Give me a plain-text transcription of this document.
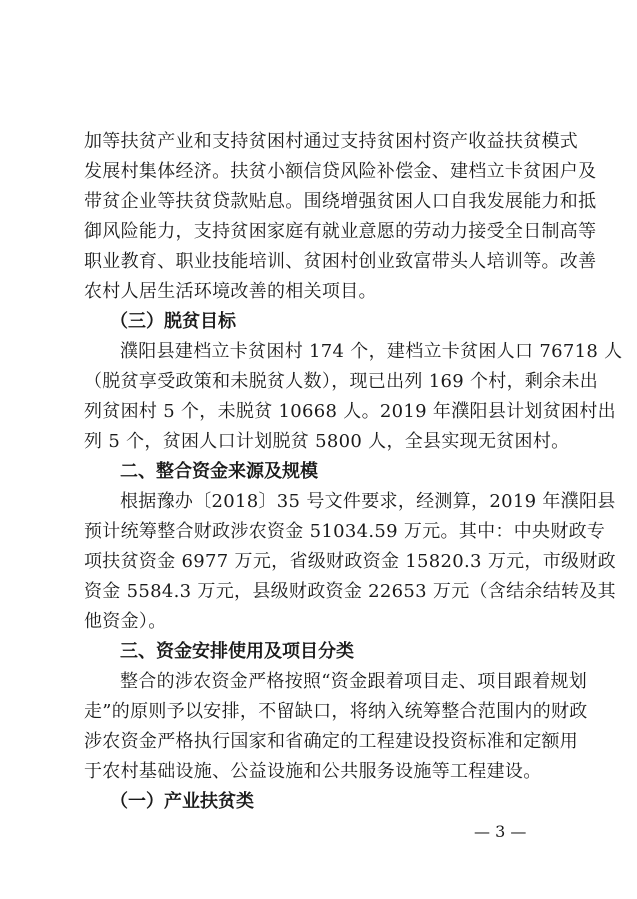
加等扶贫产业和支持贫困村通过支持贫困村资产收益扶贫模式
发展村集体经济。扶贫小额信贷风险补偿金、建档立卡贫困户及
带贫企业等扶贫贷款贴息。围绕增强贫困人口自我发展能力和抵
御风险能力，支持贫困家庭有就业意愿的劳动力接受全日制高等
职业教育、职业技能培训、贫困村创业致富带头人培训等。改善
农村人居生活环境改善的相关项目。
（三）脱贫目标
濮阳县建档立卡贫困村 174 个，建档立卡贫困人口 76718 人
（脱贫享受政策和未脱贫人数），现已出列 169 个村，剩余未出
列贫困村 5 个，未脱贫 10668 人。2019 年濮阳县计划贫困村出
列 5 个，贫困人口计划脱贫 5800 人，全县实现无贫困村。
二、整合资金来源及规模
根据豫办〔2018〕35 号文件要求，经测算，2019 年濮阳县
预计统筹整合财政涉农资金 51034.59 万元。其中：中央财政专
项扶贫资金 6977 万元，省级财政资金 15820.3 万元，市级财政
资金 5584.3 万元，县级财政资金 22653 万元（含结余结转及其
他资金）。
三、资金安排使用及项目分类
整合的涉农资金严格按照“资金跟着项目走、项目跟着规划
走”的原则予以安排，不留缺口，将纳入统筹整合范围内的财政
涉农资金严格执行国家和省确定的工程建设投资标准和定额用
于农村基础设施、公益设施和公共服务设施等工程建设。
（一）产业扶贫类
— 3 —
